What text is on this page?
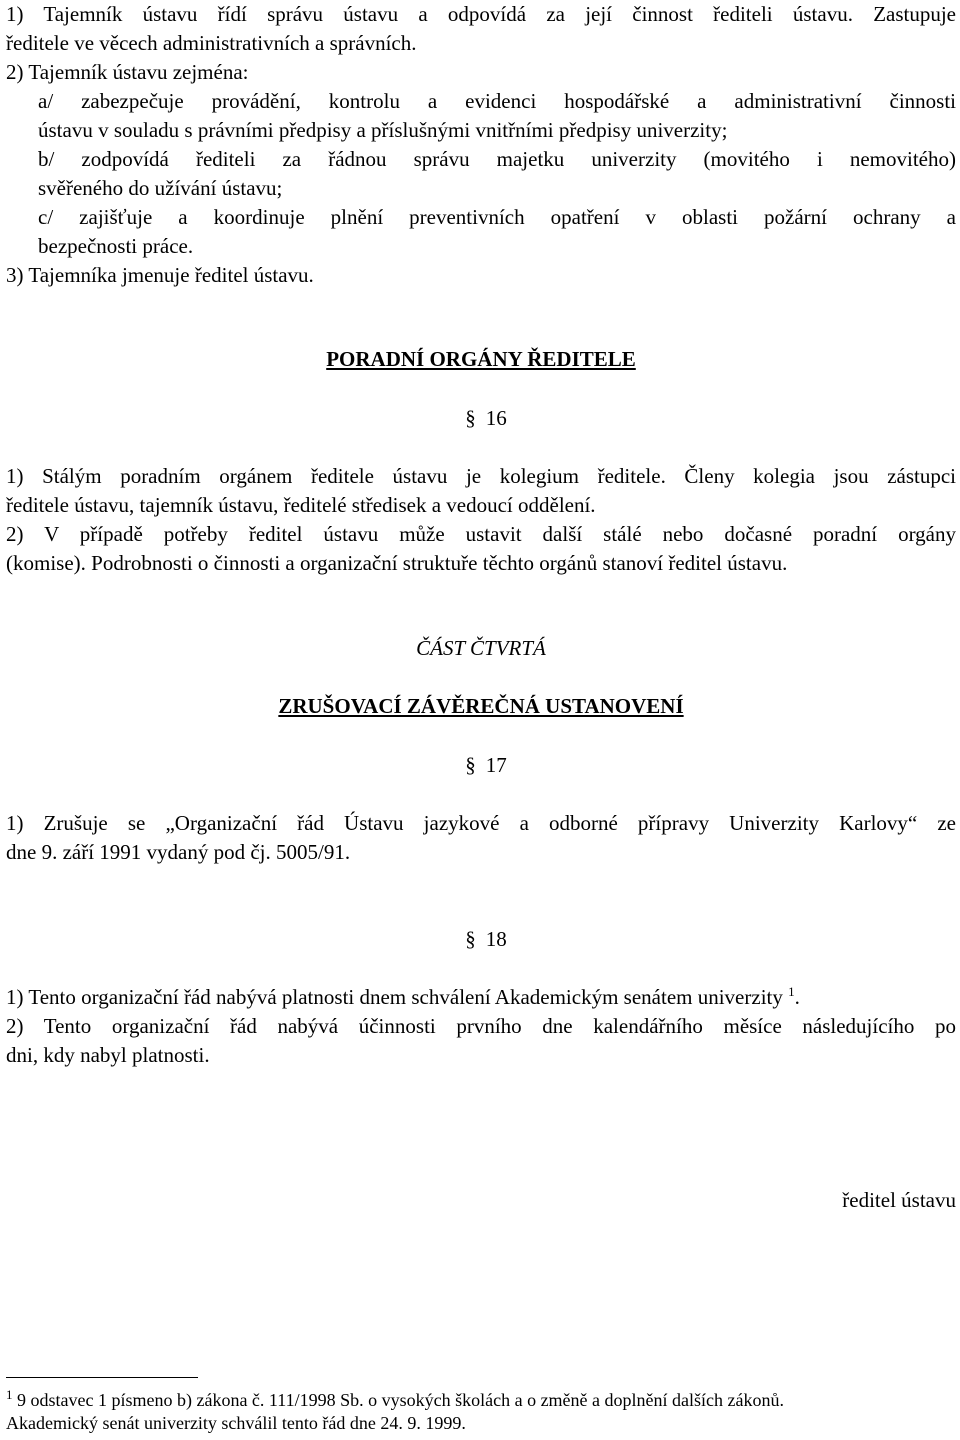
1) Tajemník ústavu řídí správu ústavu a odpovídá za její činnost řediteli ústavu. Zastupuje
ředitele ve věcech administrativních a správních.
2) Tajemník ústavu zejména:
a/ zabezpečuje provádění, kontrolu a evidenci hospodářské a administrativní činnosti
ústavu v souladu s právními předpisy a příslušnými vnitřními předpisy univerzity;
b/ zodpovídá řediteli za řádnou správu majetku univerzity (movitého i nemovitého)
svěřeného do užívání ústavu;
c/ zajišťuje a koordinuje plnění preventivních opatření v oblasti požární ochrany a
bezpečnosti práce.
3) Tajemníka jmenuje ředitel ústavu.
PORADNÍ ORGÁNY ŘEDITELE
§ 16
1) Stálým poradním orgánem ředitele ústavu je kolegium ředitele. Členy kolegia jsou zástupci
ředitele ústavu, tajemník ústavu, ředitelé středisek a vedoucí oddělení.
2) V případě potřeby ředitel ústavu může ustavit další stálé nebo dočasné poradní orgány
(komise). Podrobnosti o činnosti a organizační struktuře těchto orgánů stanoví ředitel ústavu.
ČÁST ČTVRTÁ
ZRUŠOVACÍ ZÁVĚREČNÁ USTANOVENÍ
§ 17
1) Zrušuje se „Organizační řád Ústavu jazykové a odborné přípravy Univerzity Karlovy“ ze
dne 9. září 1991 vydaný pod čj. 5005/91.
§ 18
1) Tento organizační řád nabývá platnosti dnem schválení Akademickým senátem univerzity $^1$.
2) Tento organizační řád nabývá účinnosti prvního dne kalendářního měsíce následujícího po
dni, kdy nabyl platnosti.
ředitel ústavu
$^1$ 9 odstavec 1 písmeno b) zákona č. 111/1998 Sb. o vysokých školách a o změně a doplnění dalších zákonů.
Akademický senát univerzity schválil tento řád dne 24. 9. 1999.
